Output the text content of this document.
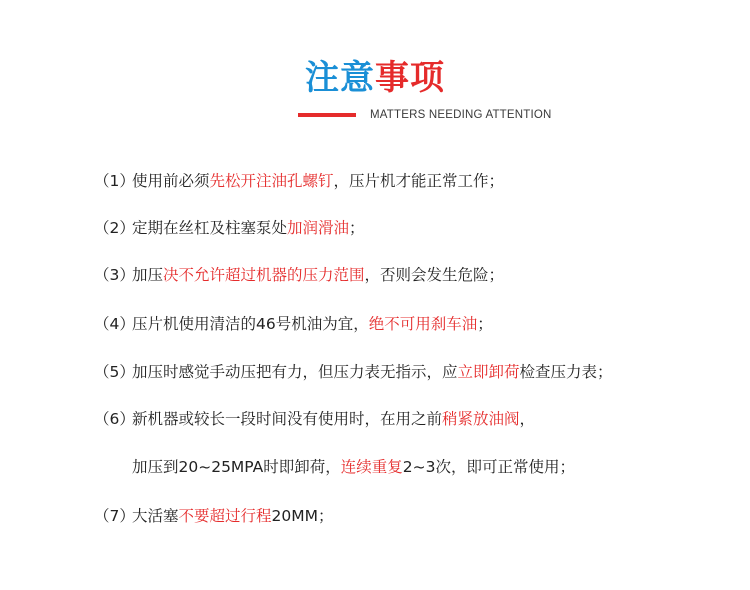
注意事项
MATTERS NEEDING ATTENTION
（1）使用前必须先松开注油孔螺钉，压片机才能正常工作；
（2）定期在丝杠及柱塞泵处加润滑油；
（3）加压决不允许超过机器的压力范围，否则会发生危险；
（4）压片机使用清洁的46号机油为宜，绝不可用刹车油；
（5）加压时感觉手动压把有力，但压力表无指示，应立即卸荷检查压力表；
（6）新机器或较长一段时间没有使用时，在用之前稍紧放油阀，
加压到20~25MPA时即卸荷，连续重复2~3次，即可正常使用；
（7）大活塞不要超过行程20MM；
